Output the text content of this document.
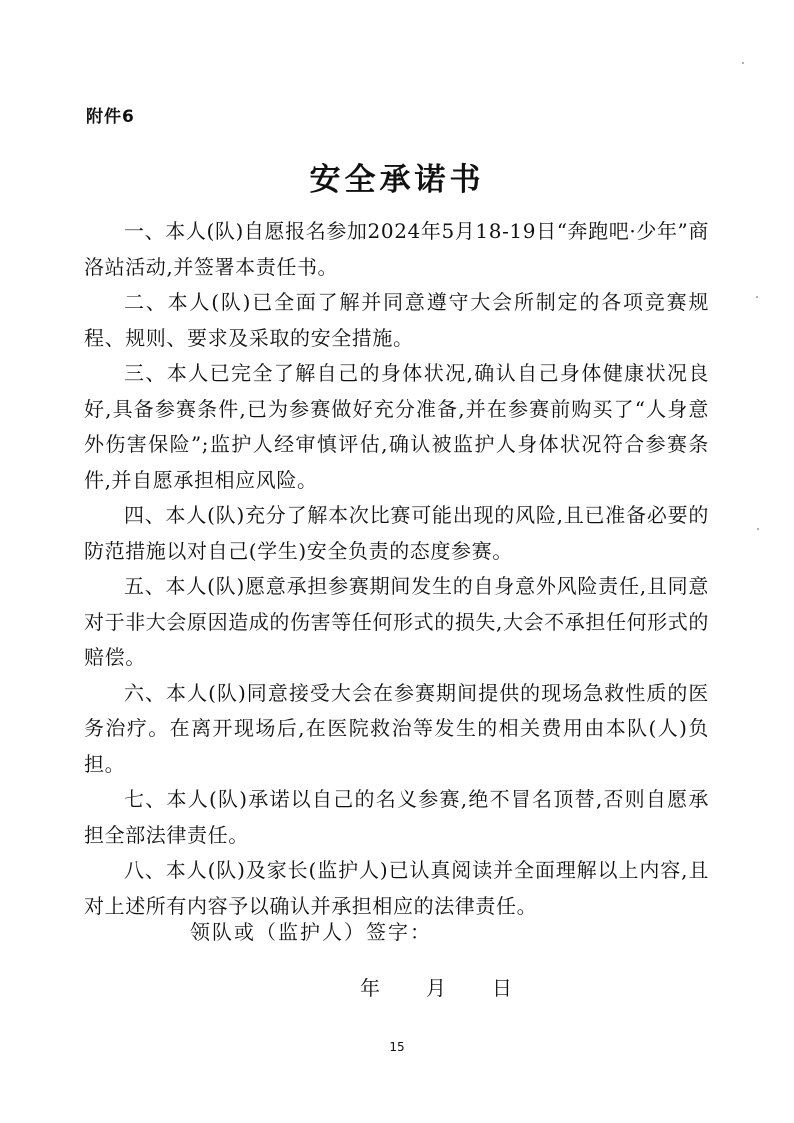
附件6
安全承诺书

一、本人(队)自愿报名参加2024年5月18-19日“奔跑吧·少年”商洛站活动,并签署本责任书。

二、本人(队)已全面了解并同意遵守大会所制定的各项竞赛规程、规则、要求及采取的安全措施。

三、本人已完全了解自己的身体状况,确认自己身体健康状况良好,具备参赛条件,已为参赛做好充分准备,并在参赛前购买了“人身意外伤害保险”;监护人经审慎评估,确认被监护人身体状况符合参赛条件,并自愿承担相应风险。

四、本人(队)充分了解本次比赛可能出现的风险,且已准备必要的防范措施以对自己(学生)安全负责的态度参赛。

五、本人(队)愿意承担参赛期间发生的自身意外风险责任,且同意对于非大会原因造成的伤害等任何形式的损失,大会不承担任何形式的赔偿。

六、本人(队)同意接受大会在参赛期间提供的现场急救性质的医务治疗。在离开现场后,在医院救治等发生的相关费用由本队(人)负担。

七、本人(队)承诺以自己的名义参赛,绝不冒名顶替,否则自愿承担全部法律责任。

八、本人(队)及家长(监护人)已认真阅读并全面理解以上内容,且对上述所有内容予以确认并承担相应的法律责任。

领队或（监护人）签字：
年 月 日
15
